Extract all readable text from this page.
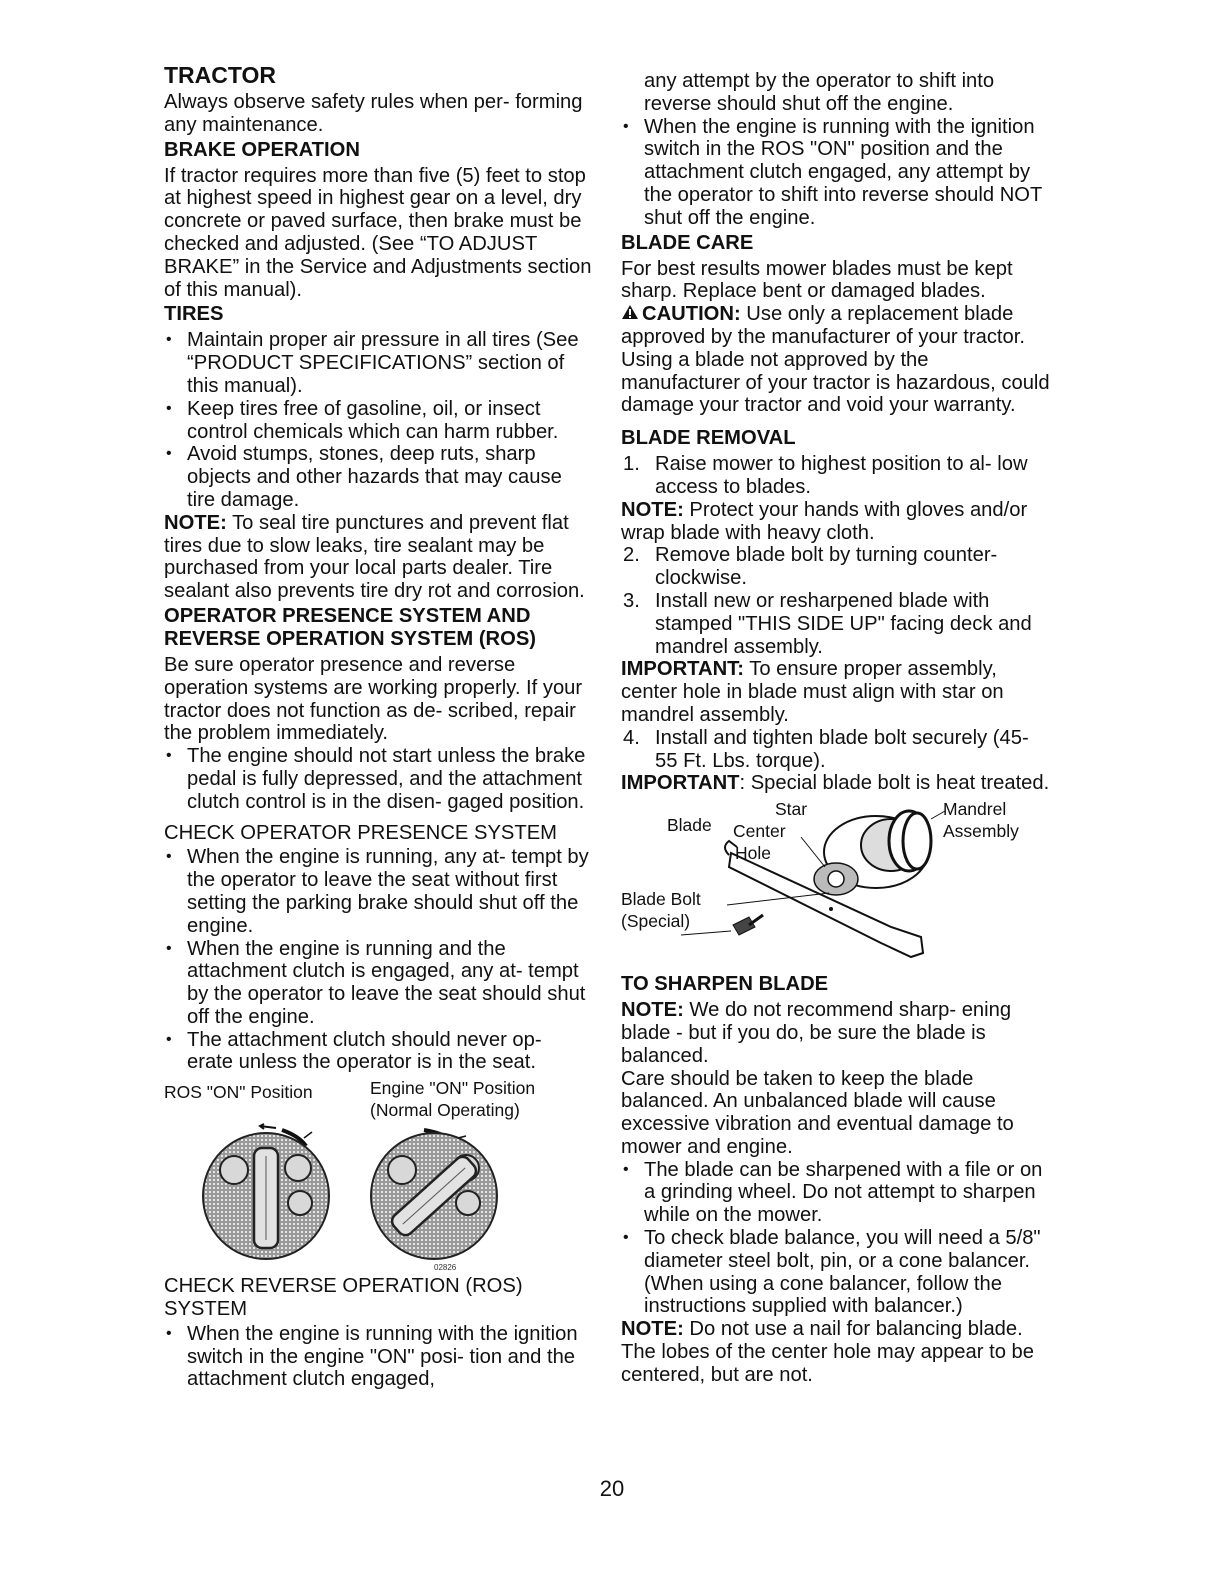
TRACTOR

Always observe safety rules when per- forming any maintenance.

BRAKE OPERATION

If tractor requires more than five (5) feet to stop at highest speed in highest gear on a level, dry concrete or paved surface, then brake must be checked and adjusted. (See “TO ADJUST BRAKE” in the Service and Adjustments section of this manual).

TIRES
• Maintain proper air pressure in all tires (See “PRODUCT SPECIFICATIONS” section of this manual).
• Keep tires free of gasoline, oil, or insect control chemicals which can harm rubber.
• Avoid stumps, stones, deep ruts, sharp objects and other hazards that may cause tire damage.

NOTE: To seal tire punctures and prevent flat tires due to slow leaks, tire sealant may be purchased from your local parts dealer. Tire sealant also prevents tire dry rot and corrosion.

OPERATOR PRESENCE SYSTEM AND REVERSE OPERATION SYSTEM (ROS)

Be sure operator presence and reverse operation systems are working properly. If your tractor does not function as de- scribed, repair the problem immediately.

• The engine should not start unless the brake pedal is fully depressed, and the attachment clutch control is in the disen- gaged position.
CHECK OPERATOR PRESENCE SYSTEM
• When the engine is running, any at- tempt by the operator to leave the seat without first setting the parking brake should shut off the engine.
• When the engine is running and the attachment clutch is engaged, any at- tempt by the operator to leave the seat should shut off the engine.
• The attachment clutch should never op- erate unless the operator is in the seat.
ROS "ON" Position	Engine "ON" Position
(Normal Operating)
02826
CHECK REVERSE OPERATION (ROS) SYSTEM
• When the engine is running with the ignition switch in the engine "ON" posi- tion and the attachment clutch engaged,

any attempt by the operator to shift into reverse should shut off the engine.

• When the engine is running with the ignition switch in the ROS "ON" position and the attachment clutch engaged, any attempt by the operator to shift into reverse should NOT shut off the engine.
BLADE CARE

For best results mower blades must be kept sharp. Replace bent or damaged blades.

CAUTION: Use only a replacement blade approved by the manufacturer of your tractor. Using a blade not approved by the manufacturer of your tractor is hazardous, could damage your tractor and void your warranty.

BLADE REMOVAL
1. Raise mower to highest position to al- low access to blades.

NOTE: Protect your hands with gloves and/or wrap blade with heavy cloth.

2. Remove blade bolt by turning counter- clockwise.
3. Install new or resharpened blade with stamped "THIS SIDE UP" facing deck and mandrel assembly.

IMPORTANT: To ensure proper assembly, center hole in blade must align with star on mandrel assembly.

4. Install and tighten blade bolt securely (45-55 Ft. Lbs. torque).

IMPORTANT: Special blade bolt is heat treated.

Star
Blade Center
Hole
Mandrel
Assembly
Blade Bolt
(Special)
TO SHARPEN BLADE

NOTE: We do not recommend sharp- ening blade - but if you do, be sure the blade is balanced.

Care should be taken to keep the blade balanced. An unbalanced blade will cause excessive vibration and eventual damage to mower and engine.

• The blade can be sharpened with a file or on a grinding wheel. Do not attempt to sharpen while on the mower.
• To check blade balance, you will need a 5/8" diameter steel bolt, pin, or a cone balancer. (When using a cone balancer, follow the instructions supplied with balancer.)

NOTE: Do not use a nail for balancing blade. The lobes of the center hole may appear to be centered, but are not.

20
